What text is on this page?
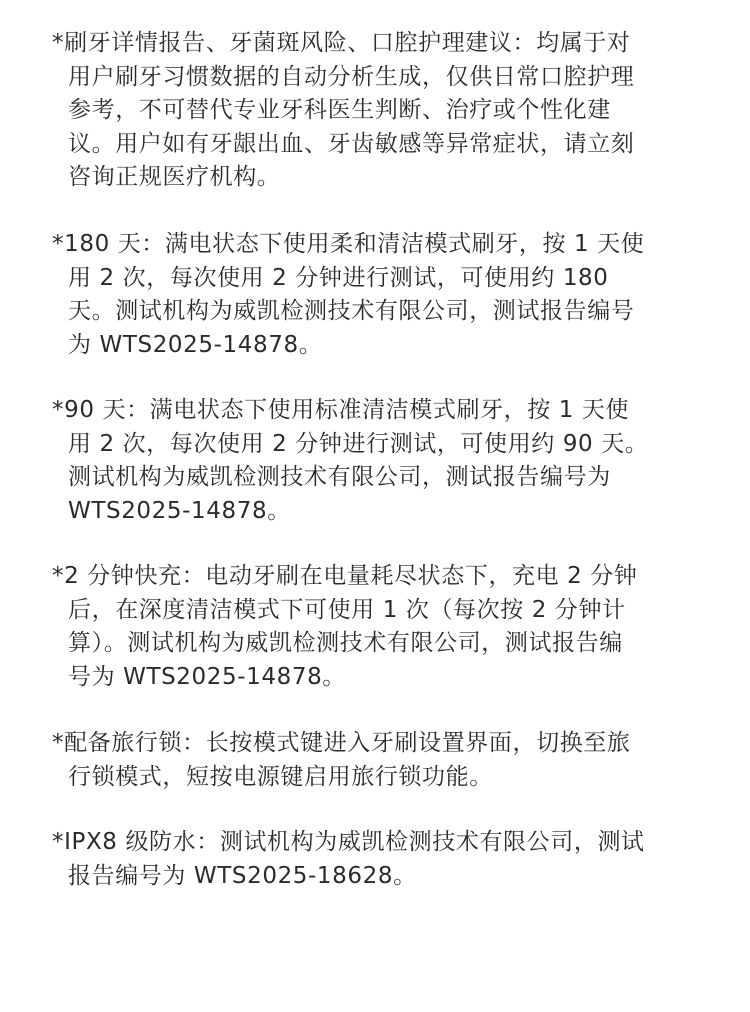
*刷牙详情报告、牙菌斑风险、口腔护理建议：均属于对
用户刷牙习惯数据的自动分析生成，仅供日常口腔护理
参考，不可替代专业牙科医生判断、治疗或个性化建
议。用户如有牙龈出血、牙齿敏感等异常症状，请立刻
咨询正规医疗机构。
*180 天：满电状态下使用柔和清洁模式刷牙，按 1 天使
用 2 次，每次使用 2 分钟进行测试，可使用约 180
天。测试机构为威凯检测技术有限公司，测试报告编号
为 WTS2025-14878。
*90 天：满电状态下使用标准清洁模式刷牙，按 1 天使
用 2 次，每次使用 2 分钟进行测试，可使用约 90 天。
测试机构为威凯检测技术有限公司，测试报告编号为
WTS2025-14878。
*2 分钟快充：电动牙刷在电量耗尽状态下，充电 2 分钟
后，在深度清洁模式下可使用 1 次（每次按 2 分钟计
算）。测试机构为威凯检测技术有限公司，测试报告编
号为 WTS2025-14878。
*配备旅行锁：长按模式键进入牙刷设置界面，切换至旅
行锁模式，短按电源键启用旅行锁功能。
*IPX8 级防水：测试机构为威凯检测技术有限公司，测试
报告编号为 WTS2025-18628。
